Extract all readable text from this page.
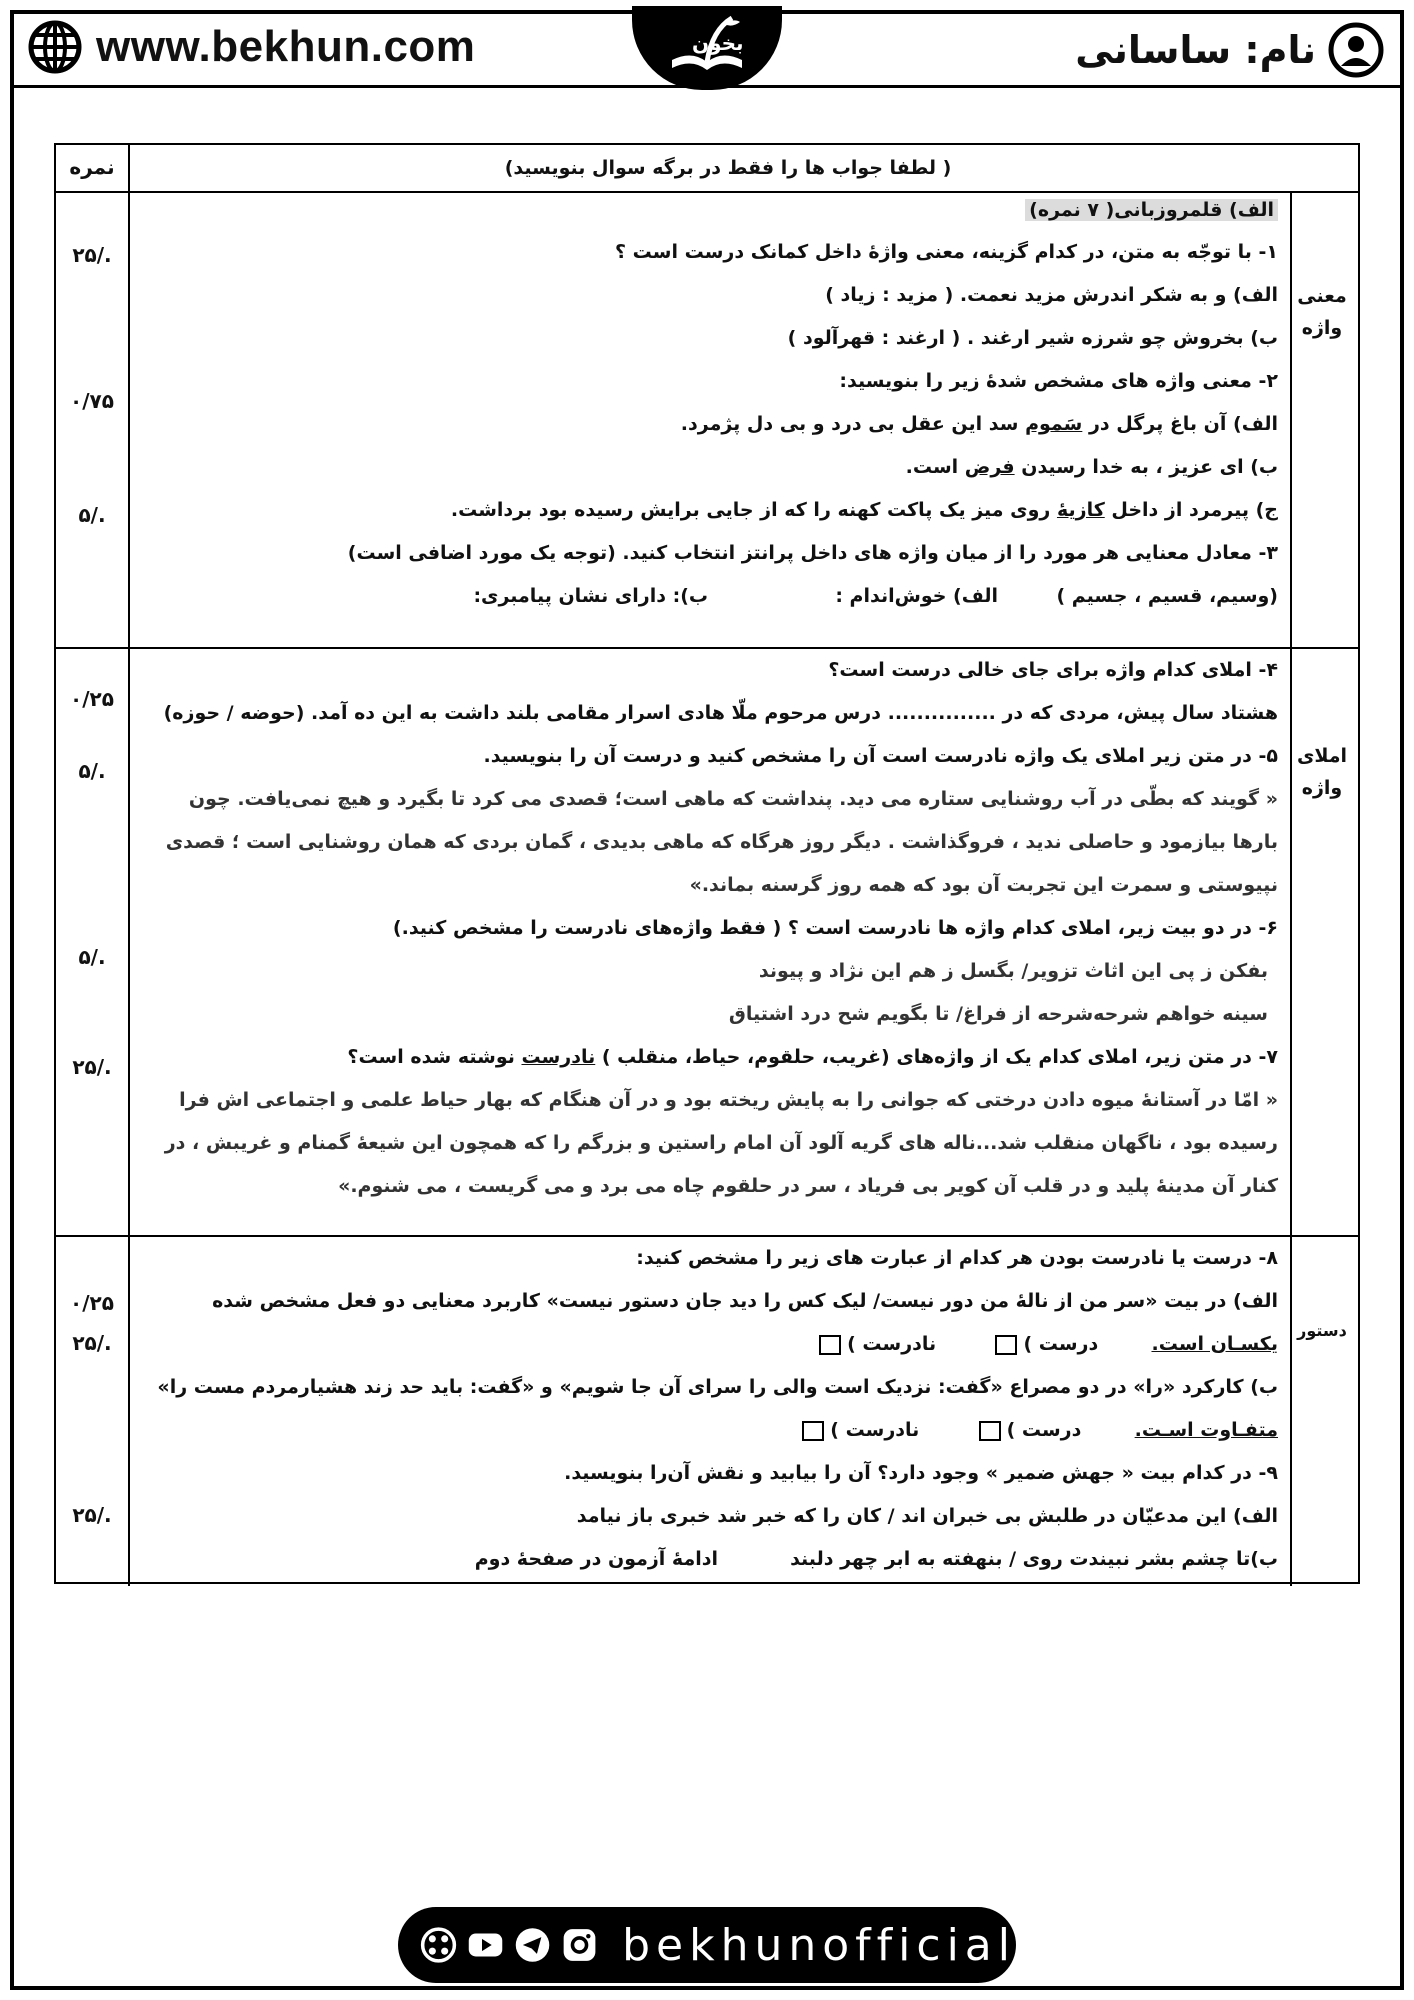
www.bekhun.com	بخون	نام: ساسانی
( لطفا جواب ها را فقط در برگه سوال بنویسید)
نمره
معنی
واژه
الف) قلمروزبانی( ۷ نمره)
۱- با توجّه به متن، در کدام گزینه، معنی واژۀ داخل کمانک درست است ؟
الف) و به شکر اندرش مزید نعمت. ( مزید : زیاد )
ب) بخروش چو شرزه شیر ارغند . ( ارغند : قهرآلود )
۲- معنی واژه های مشخص شدۀ زیر را بنویسید:
الف) آن باغ پرگل در سَموم سد این عقل بی درد و بی دل پژمرد.
ب) ای عزیز ، به خدا رسیدن فرض است.
ج) پیرمرد از داخل کازیۀ روی میز یک پاکت کهنه را که از جایی برایش رسیده بود برداشت.
۳- معادل معنایی هر مورد را از میان واژه های داخل پرانتز انتخاب کنید. (توجه یک مورد اضافی است)
(وسیم، قسیم ، جسیم )
الف) خوش‌اندام :
ب): دارای نشان پیامبری:
۲۵/.
۰/۷۵
۵/.
املای
واژه
۴- املای کدام واژه برای جای خالی درست است؟
هشتاد سال پیش، مردی که در ............... درس مرحوم ملّا هادی اسرار مقامی بلند داشت به این ده آمد. (حوضه / حوزه)
۵- در متن زیر املای یک واژه نادرست است آن را مشخص کنید و درست آن را بنویسید.
« گویند که بطّی در آب روشنایی ستاره می دید. پنداشت که ماهی است؛ قصدی می کرد تا بگیرد و هیچ نمی‌یافت. چون
بارها بیازمود و حاصلی ندید ، فروگذاشت . دیگر روز هرگاه که ماهی بدیدی ، گمان بردی که همان روشنایی است ؛ قصدی
نپیوستی و سمرت این تجربت آن بود که همه روز گرسنه بماند.»
۶- در دو بیت زیر، املای کدام واژه ها نادرست است ؟ ( فقط واژه‌های نادرست را مشخص کنید.)
بفکن ز پی این اثاث تزویر/ بگسل ز هم این نژاد و پیوند
سینه خواهم شرحه‌شرحه از فراغ/ تا بگویم شح درد اشتیاق
۷- در متن زیر، املای کدام یک از واژه‌های (غریب، حلقوم، حیاط، منقلب ) نادرست نوشته شده است؟
« امّا در آستانۀ میوه دادن درختی که جوانی را به پایش ریخته بود و در آن هنگام که بهار حیاط علمی و اجتماعی اش فرا
رسیده بود ، ناگهان منقلب شد...ناله های گریه آلود آن امام راستین و بزرگم را که همچون این شیعۀ گمنام و غریبش ، در
کنار آن مدینۀ پلید و در قلب آن کویر بی فریاد ، سر در حلقوم چاه می برد و می گریست ، می شنوم.»
۰/۲۵
۵/.
۵/.
۲۵/.
دستور
۸- درست یا نادرست بودن هر کدام از عبارت های زیر را مشخص کنید:
الف) در بیت «سر من از نالۀ من دور نیست/ لیک کس را دید جان دستور نیست» کاربرد معنایی دو فعل مشخص شده
یکسـان است.  درست )  نادرست )
ب) کارکرد «را» در دو مصراع «گفت: نزدیک است والی را سرای آن جا شویم» و «گفت: باید حد زند هشیارمردم مست را»
متفـاوت اسـت.  درست )  نادرست )
۹- در کدام بیت « جهش ضمیر » وجود دارد؟ آن را بیابید و نقش آن‌را بنویسید.
الف) این مدعیّان در طلبش بی خبران اند / کان را که خبر شد خبری باز نیامد
ب)تا چشم بشر نبیندت روی / بنهفته به ابر چهر دلبند
ادامهٔ آزمون در صفحهٔ دوم
۰/۲۵
۲۵/.
۲۵/.
bekhunofficial
